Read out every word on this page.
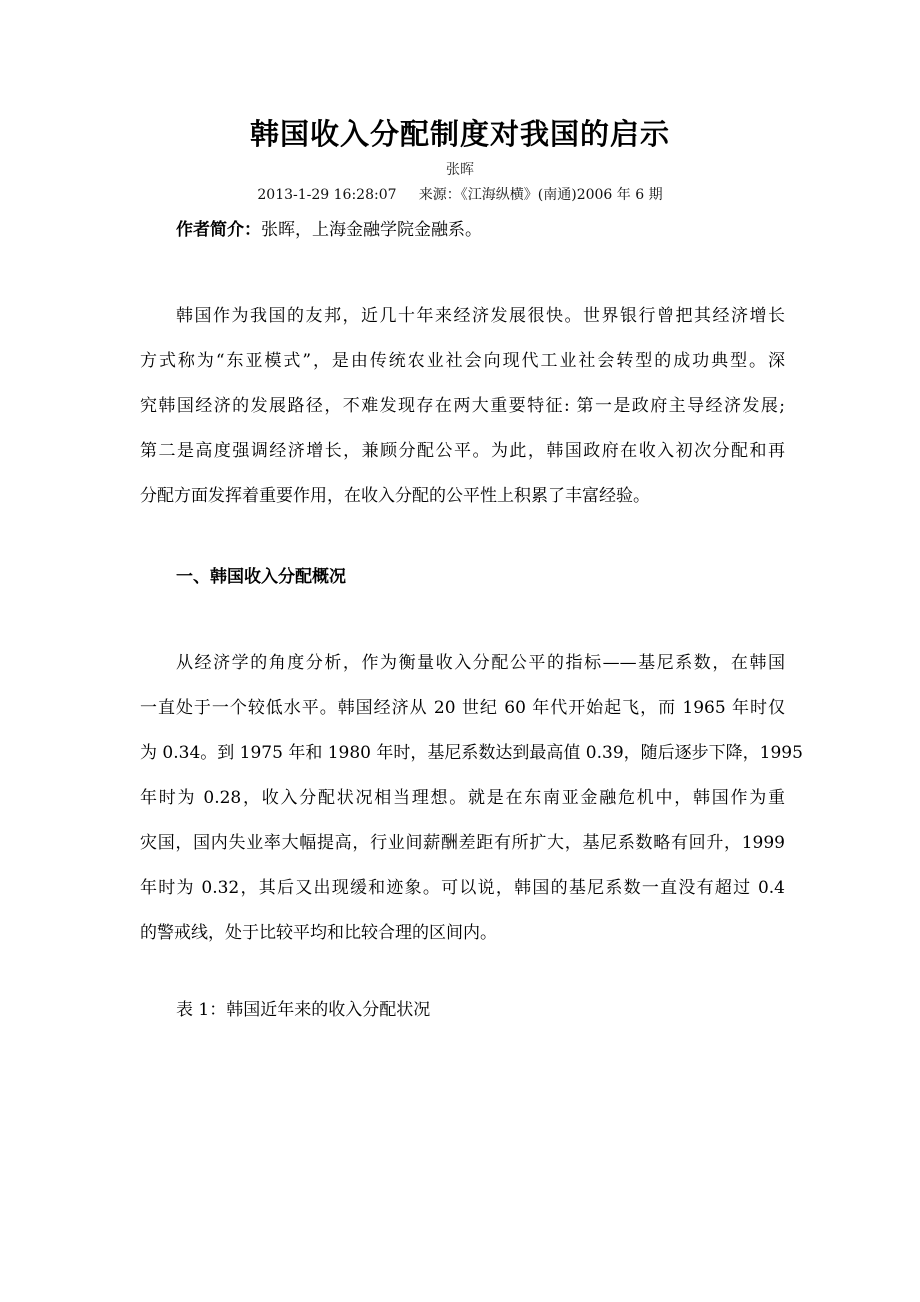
韩国收入分配制度对我国的启示
张晖
2013-1-29 16:28:07     来源：《江海纵横》(南通)2006 年 6 期
作者简介：张晖，上海金融学院金融系。
韩国作为我国的友邦，近几十年来经济发展很快。世界银行曾把其经济增长
方式称为“东亚模式”，是由传统农业社会向现代工业社会转型的成功典型。深
究韩国经济的发展路径，不难发现存在两大重要特征: 第一是政府主导经济发展;
第二是高度强调经济增长，兼顾分配公平。为此，韩国政府在收入初次分配和再
分配方面发挥着重要作用，在收入分配的公平性上积累了丰富经验。
一、韩国收入分配概况
从经济学的角度分析，作为衡量收入分配公平的指标——基尼系数，在韩国
一直处于一个较低水平。韩国经济从 20 世纪 60 年代开始起飞，而 1965 年时仅
为 0.34。到 1975 年和 1980 年时，基尼系数达到最高值 0.39，随后逐步下降，1995
年时为 0.28，收入分配状况相当理想。就是在东南亚金融危机中，韩国作为重
灾国，国内失业率大幅提高，行业间薪酬差距有所扩大，基尼系数略有回升，1999
年时为 0.32，其后又出现缓和迹象。可以说，韩国的基尼系数一直没有超过 0.4
的警戒线，处于比较平均和比较合理的区间内。
表 1：韩国近年来的收入分配状况
